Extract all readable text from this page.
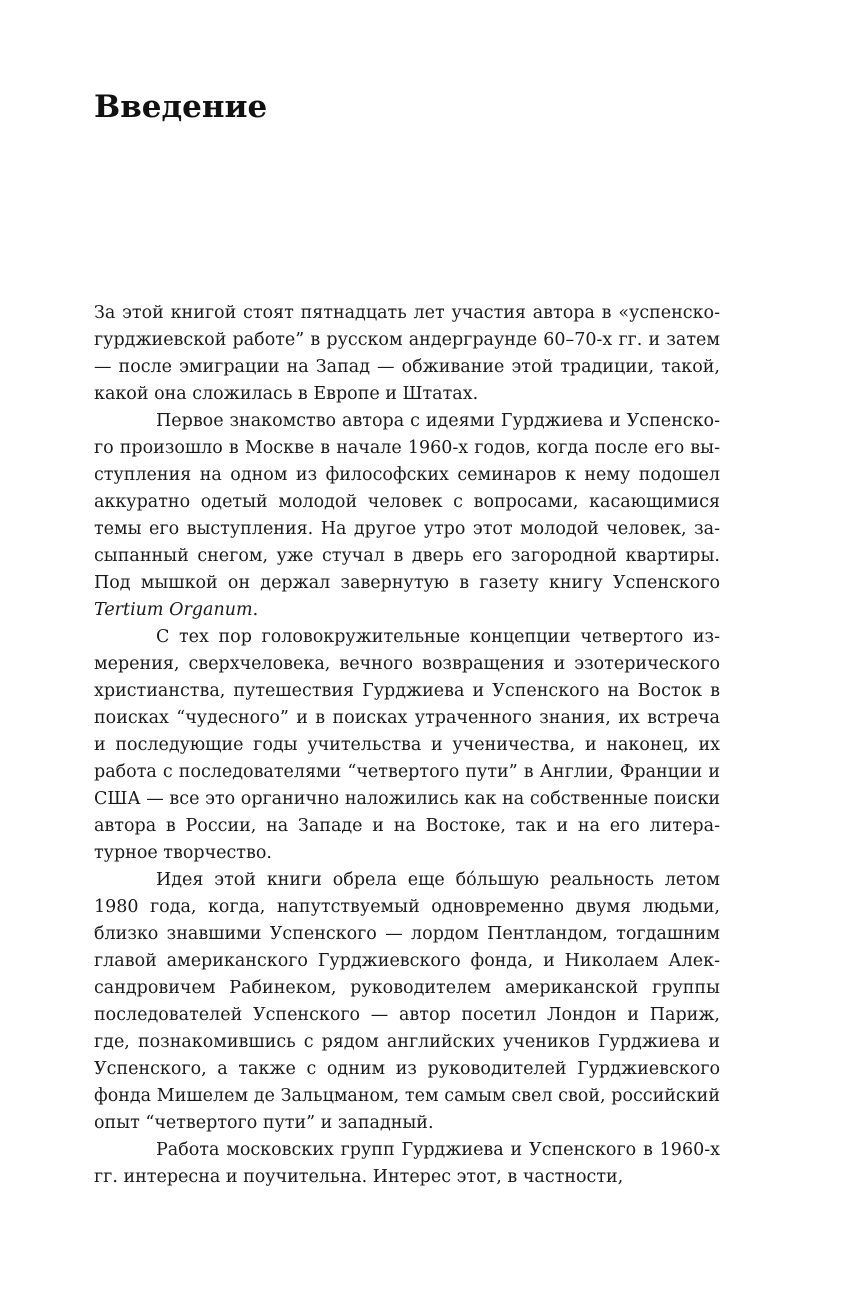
Введение

За этой книгой стоят пятнадцать лет участия автора в «успенско-гурджиевской работе” в русском андерграунде 60–70-х гг. и затем — после эмиграции на Запад — обживание этой традиции, такой, какой она сложилась в Европе и Штатах.

Первое знакомство автора с идеями Гурджиева и Успенского произошло в Москве в начале 1960-х годов, когда после его выступления на одном из философских семинаров к нему подошел аккуратно одетый молодой человек с вопросами, касающимися темы его выступления. На другое утро этот молодой человек, засыпанный снегом, уже стучал в дверь его загородной квартиры. Под мышкой он держал завернутую в газету книгу Успенского Tertium Organum.

С тех пор головокружительные концепции четвертого измерения, сверхчеловека, вечного возвращения и эзотерического христианства, путешествия Гурджиева и Успенского на Восток в поисках “чудесного” и в поисках утраченного знания, их встреча и последующие годы учительства и ученичества, и наконец, их работа с последователями “четвертого пути” в Англии, Франции и США — все это органично наложились как на собственные поиски автора в России, на Западе и на Востоке, так и на его литературное творчество.

Идея этой книги обрела еще бóльшую реальность летом 1980 года, когда, напутствуемый одновременно двумя людьми, близко знавшими Успенского — лордом Пентландом, тогдашним главой американского Гурджиевского фонда, и Николаем Александровичем Рабинеком, руководителем американской группы последователей Успенского — автор посетил Лондон и Париж, где, познакомившись с рядом английских учеников Гурджиева и Успенского, а также с одним из руководителей Гурджиевского фонда Мишелем де Зальцманом, тем самым свел свой, российский опыт “четвертого пути” и западный.

Работа московских групп Гурджиева и Успенского в 1960-х гг. интересна и поучительна. Интерес этот, в частности,
